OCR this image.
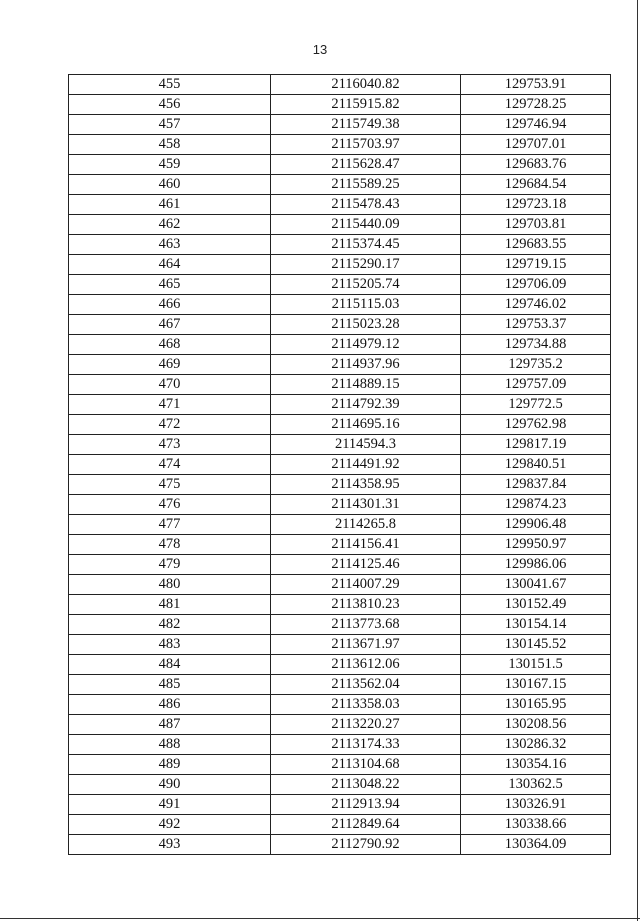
13
455	2116040.82	129753.91
456	2115915.82	129728.25
457	2115749.38	129746.94
458	2115703.97	129707.01
459	2115628.47	129683.76
460	2115589.25	129684.54
461	2115478.43	129723.18
462	2115440.09	129703.81
463	2115374.45	129683.55
464	2115290.17	129719.15
465	2115205.74	129706.09
466	2115115.03	129746.02
467	2115023.28	129753.37
468	2114979.12	129734.88
469	2114937.96	129735.2
470	2114889.15	129757.09
471	2114792.39	129772.5
472	2114695.16	129762.98
473	2114594.3	129817.19
474	2114491.92	129840.51
475	2114358.95	129837.84
476	2114301.31	129874.23
477	2114265.8	129906.48
478	2114156.41	129950.97
479	2114125.46	129986.06
480	2114007.29	130041.67
481	2113810.23	130152.49
482	2113773.68	130154.14
483	2113671.97	130145.52
484	2113612.06	130151.5
485	2113562.04	130167.15
486	2113358.03	130165.95
487	2113220.27	130208.56
488	2113174.33	130286.32
489	2113104.68	130354.16
490	2113048.22	130362.5
491	2112913.94	130326.91
492	2112849.64	130338.66
493	2112790.92	130364.09
